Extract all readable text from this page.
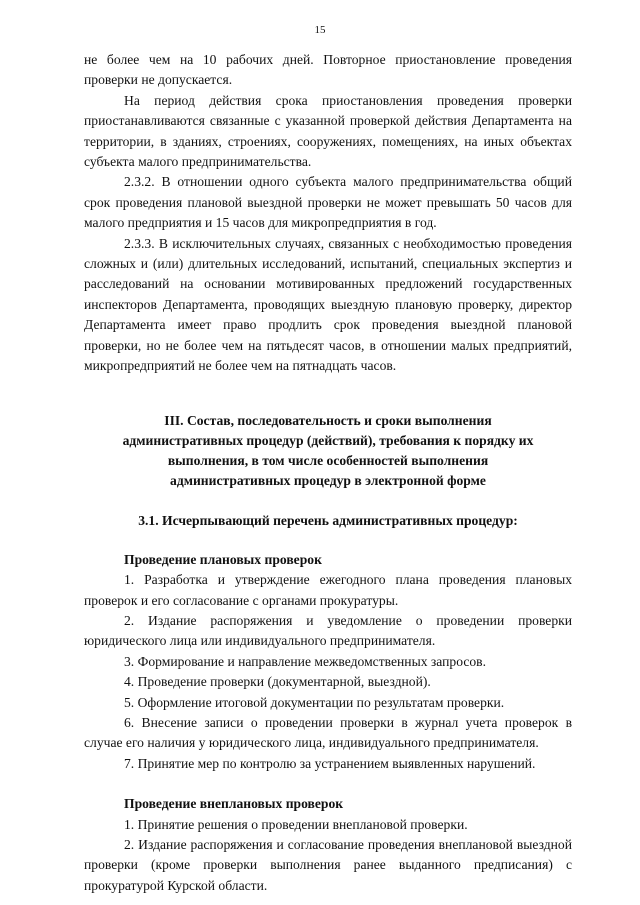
15

не более чем на 10 рабочих дней. Повторное приостановление проведения проверки не допускается.

На период действия срока приостановления проведения проверки приостанавливаются связанные с указанной проверкой действия Департамента на территории, в зданиях, строениях, сооружениях, помещениях, на иных объектах субъекта малого предпринимательства.

2.3.2. В отношении одного субъекта малого предпринимательства общий срок проведения плановой выездной проверки не может превышать 50 часов для малого предприятия и 15 часов для микропредприятия в год.

2.3.3. В исключительных случаях, связанных с необходимостью проведения сложных и (или) длительных исследований, испытаний, специальных экспертиз и расследований на основании мотивированных предложений государственных инспекторов Департамента, проводящих выездную плановую проверку, директор Департамента имеет право продлить срок проведения выездной плановой проверки, но не более чем на пятьдесят часов, в отношении малых предприятий, микропредприятий не более чем на пятнадцать часов.

III. Состав, последовательность и сроки выполнения
административных процедур (действий), требования к порядку их
выполнения, в том числе особенностей выполнения
административных процедур в электронной форме
3.1. Исчерпывающий перечень административных процедур:

Проведение плановых проверок

1. Разработка и утверждение ежегодного плана проведения плановых проверок и его согласование с органами прокуратуры.

2. Издание распоряжения и уведомление о проведении проверки юридического лица или индивидуального предпринимателя.

3. Формирование и направление межведомственных запросов.

4. Проведение проверки (документарной, выездной).

5. Оформление итоговой документации по результатам проверки.

6. Внесение записи о проведении проверки в журнал учета проверок в случае его наличия у юридического лица, индивидуального предпринимателя.

7. Принятие мер по контролю за устранением выявленных нарушений.

Проведение внеплановых проверок

1. Принятие решения о проведении внеплановой проверки.

2. Издание распоряжения и согласование проведения внеплановой выездной проверки (кроме проверки выполнения ранее выданного предписания) с прокуратурой Курской области.
